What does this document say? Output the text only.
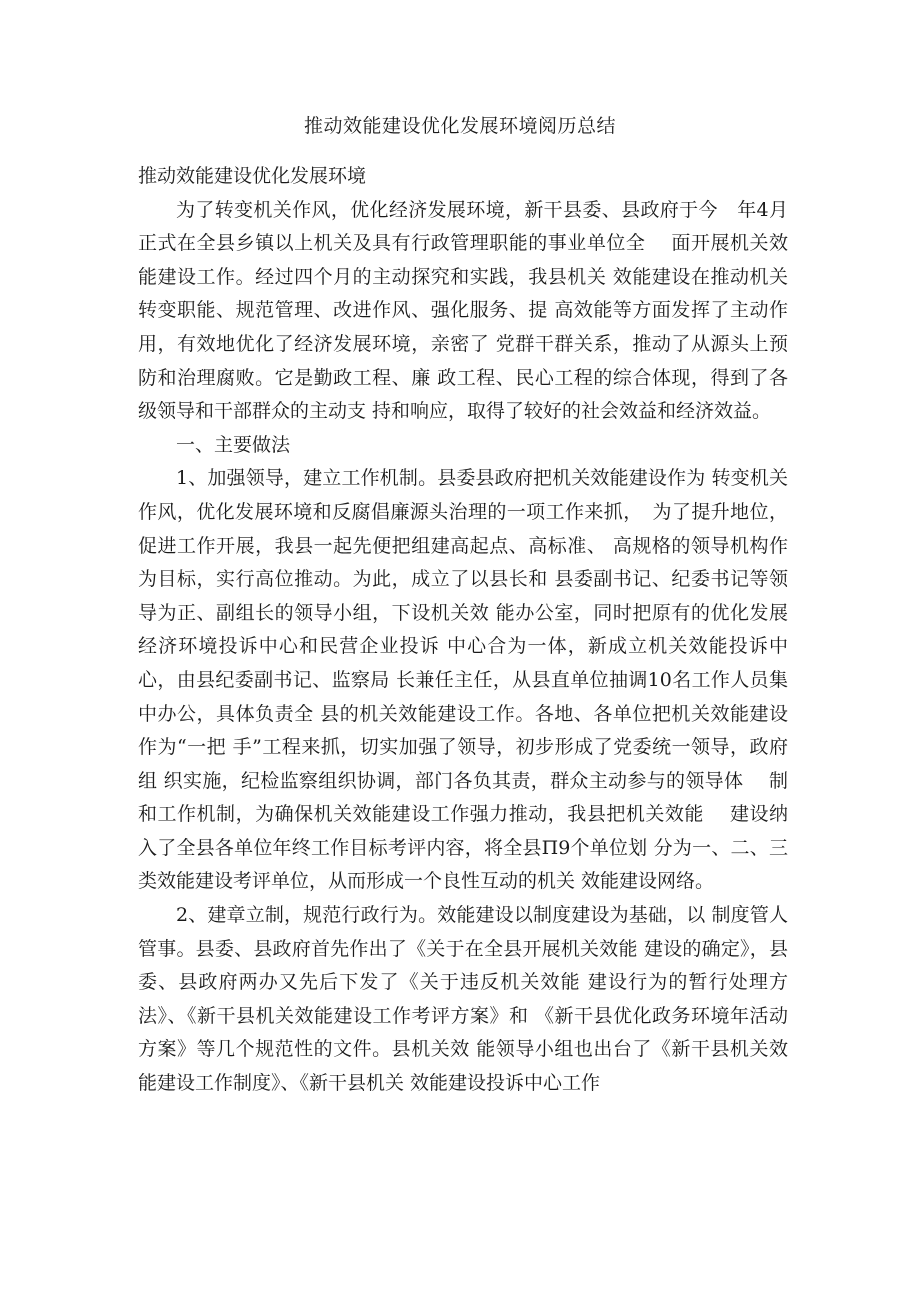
推动效能建设优化发展环境阅历总结

推动效能建设优化发展环境

为了转变机关作风，优化经济发展环境，新干县委、县政府于今　年4月正式在全县乡镇以上机关及具有行政管理职能的事业单位全　 面开展机关效能建设工作。经过四个月的主动探究和实践，我县机关 效能建设在推动机关转变职能、规范管理、改进作风、强化服务、提 高效能等方面发挥了主动作用，有效地优化了经济发展环境，亲密了 党群干群关系，推动了从源头上预防和治理腐败。它是勤政工程、廉 政工程、民心工程的综合体现，得到了各级领导和干部群众的主动支 持和响应，取得了较好的社会效益和经济效益。

一、主要做法

1、加强领导，建立工作机制。县委县政府把机关效能建设作为 转变机关作风，优化发展环境和反腐倡廉源头治理的一项工作来抓，　为了提升地位，促进工作开展，我县一起先便把组建高起点、高标准、 高规格的领导机构作为目标，实行高位推动。为此，成立了以县长和 县委副书记、纪委书记等领导为正、副组长的领导小组，下设机关效 能办公室，同时把原有的优化发展经济环境投诉中心和民营企业投诉 中心合为一体，新成立机关效能投诉中心，由县纪委副书记、监察局 长兼任主任，从县直单位抽调10名工作人员集中办公，具体负责全 县的机关效能建设工作。各地、各单位把机关效能建设作为“一把 手”工程来抓，切实加强了领导，初步形成了党委统一领导，政府组 织实施，纪检监察组织协调，部门各负其责，群众主动参与的领导体　 制和工作机制，为确保机关效能建设工作强力推动，我县把机关效能　 建设纳入了全县各单位年终工作目标考评内容，将全县Π9个单位划 分为一、二、三类效能建设考评单位，从而形成一个良性互动的机关 效能建设网络。

2、建章立制，规范行政行为。效能建设以制度建设为基础，以 制度管人管事。县委、县政府首先作出了《关于在全县开展机关效能 建设的确定》，县委、县政府两办又先后下发了《关于违反机关效能 建设行为的暂行处理方法》、《新干县机关效能建设工作考评方案》和 《新干县优化政务环境年活动方案》等几个规范性的文件。县机关效 能领导小组也出台了《新干县机关效能建设工作制度》、《新干县机关 效能建设投诉中心工作
